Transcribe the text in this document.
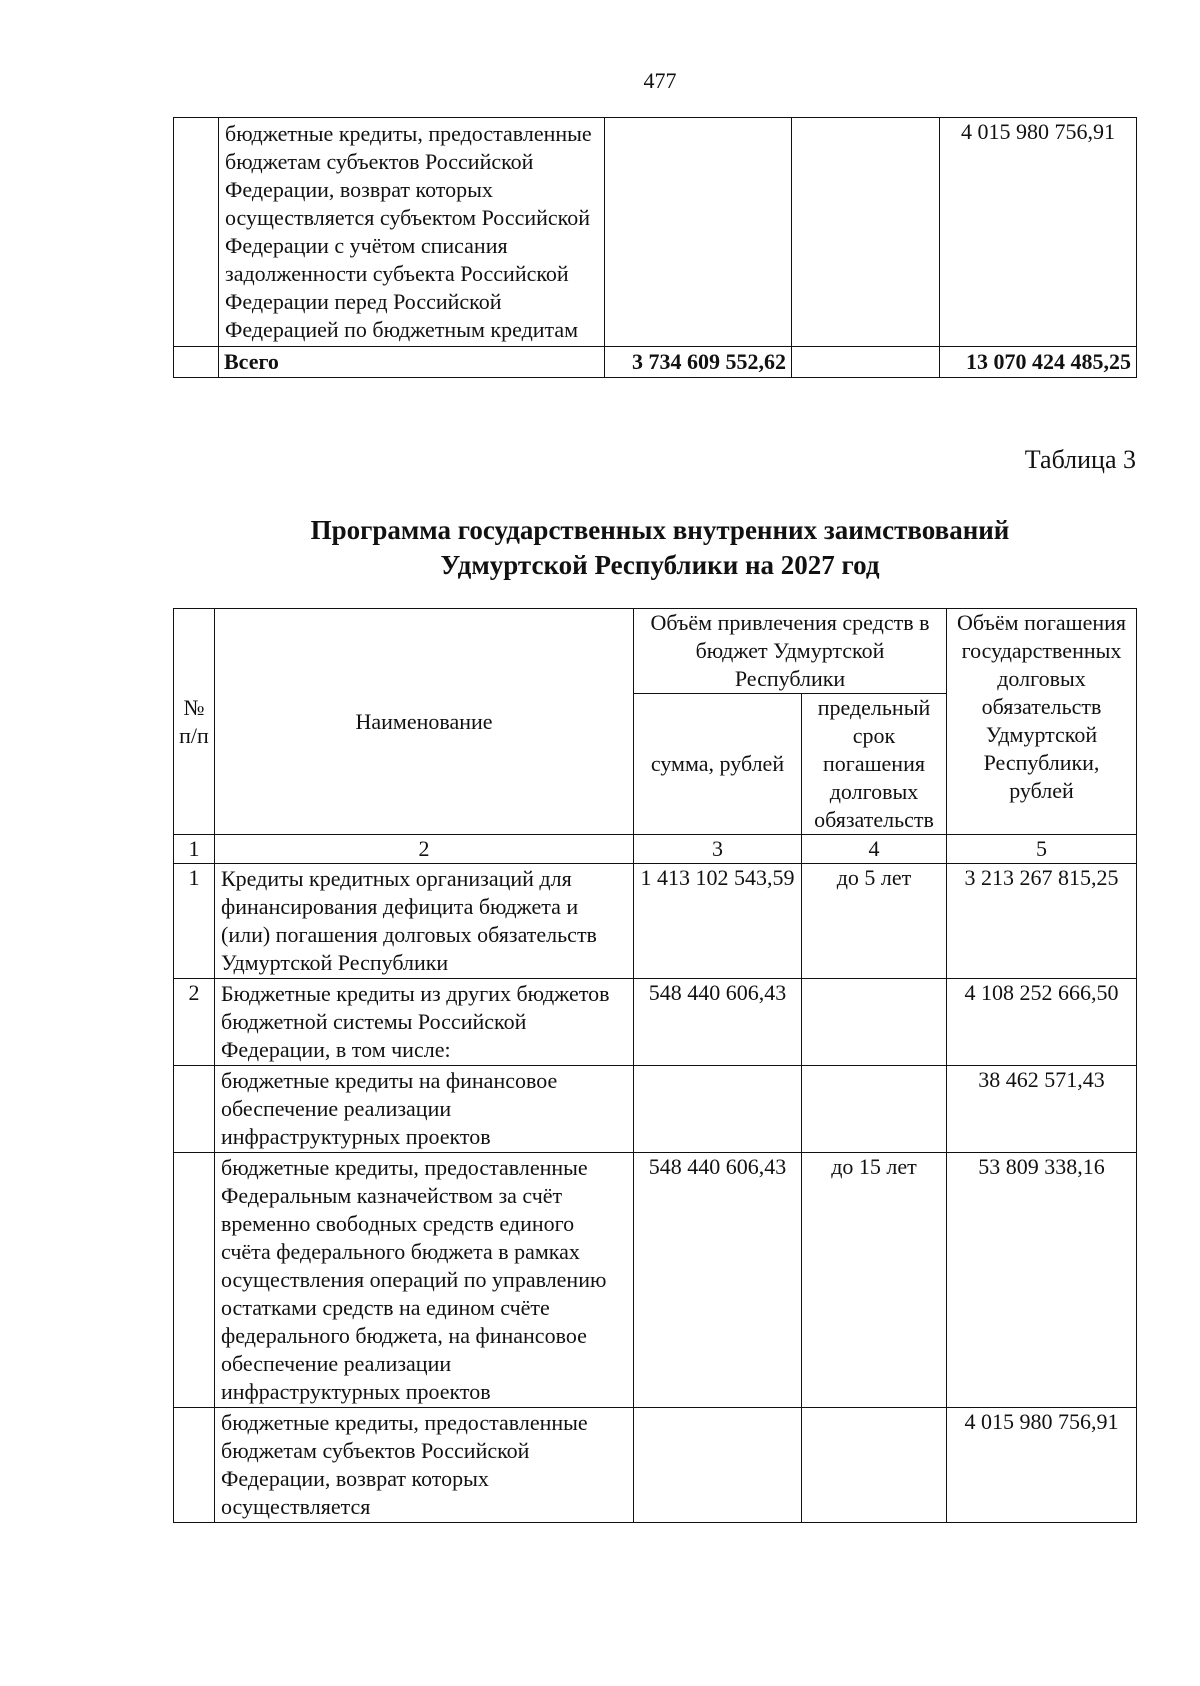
477
	бюджетные кредиты, предоставленные бюджетам субъектов Российской Федерации, возврат которых осуществляется субъектом Российской Федерации с учётом списания задолженности субъекта Российской Федерации перед Российской Федерацией по бюджетным кредитам			4 015 980 756,91
	Всего	3 734 609 552,62		13 070 424 485,25
Таблица 3
Программа государственных внутренних заимствований
Удмуртской Республики на 2027 год
№ п/п	Наименование	Объём привлечения средств в бюджет Удмуртской Республики		Объём погашения государственных долговых обязательств Удмуртской Республики, рублей
		сумма, рублей	предельный срок погашения долговых обязательств	
1	2	3	4	5
1	Кредиты кредитных организаций для финансирования дефицита бюджета и (или) погашения долговых обязательств Удмуртской Республики	1 413 102 543,59	до 5 лет	3 213 267 815,25
2	Бюджетные кредиты из других бюджетов бюджетной системы Российской Федерации, в том числе:	548 440 606,43		4 108 252 666,50
	бюджетные кредиты на финансовое обеспечение реализации инфраструктурных проектов			38 462 571,43
	бюджетные кредиты, предоставленные Федеральным казначейством за счёт временно свободных средств единого счёта федерального бюджета в рамках осуществления операций по управлению остатками средств на едином счёте федерального бюджета, на финансовое обеспечение реализации инфраструктурных проектов	548 440 606,43	до 15 лет	53 809 338,16
	бюджетные кредиты, предоставленные бюджетам субъектов Российской Федерации, возврат которых осуществляется			4 015 980 756,91
